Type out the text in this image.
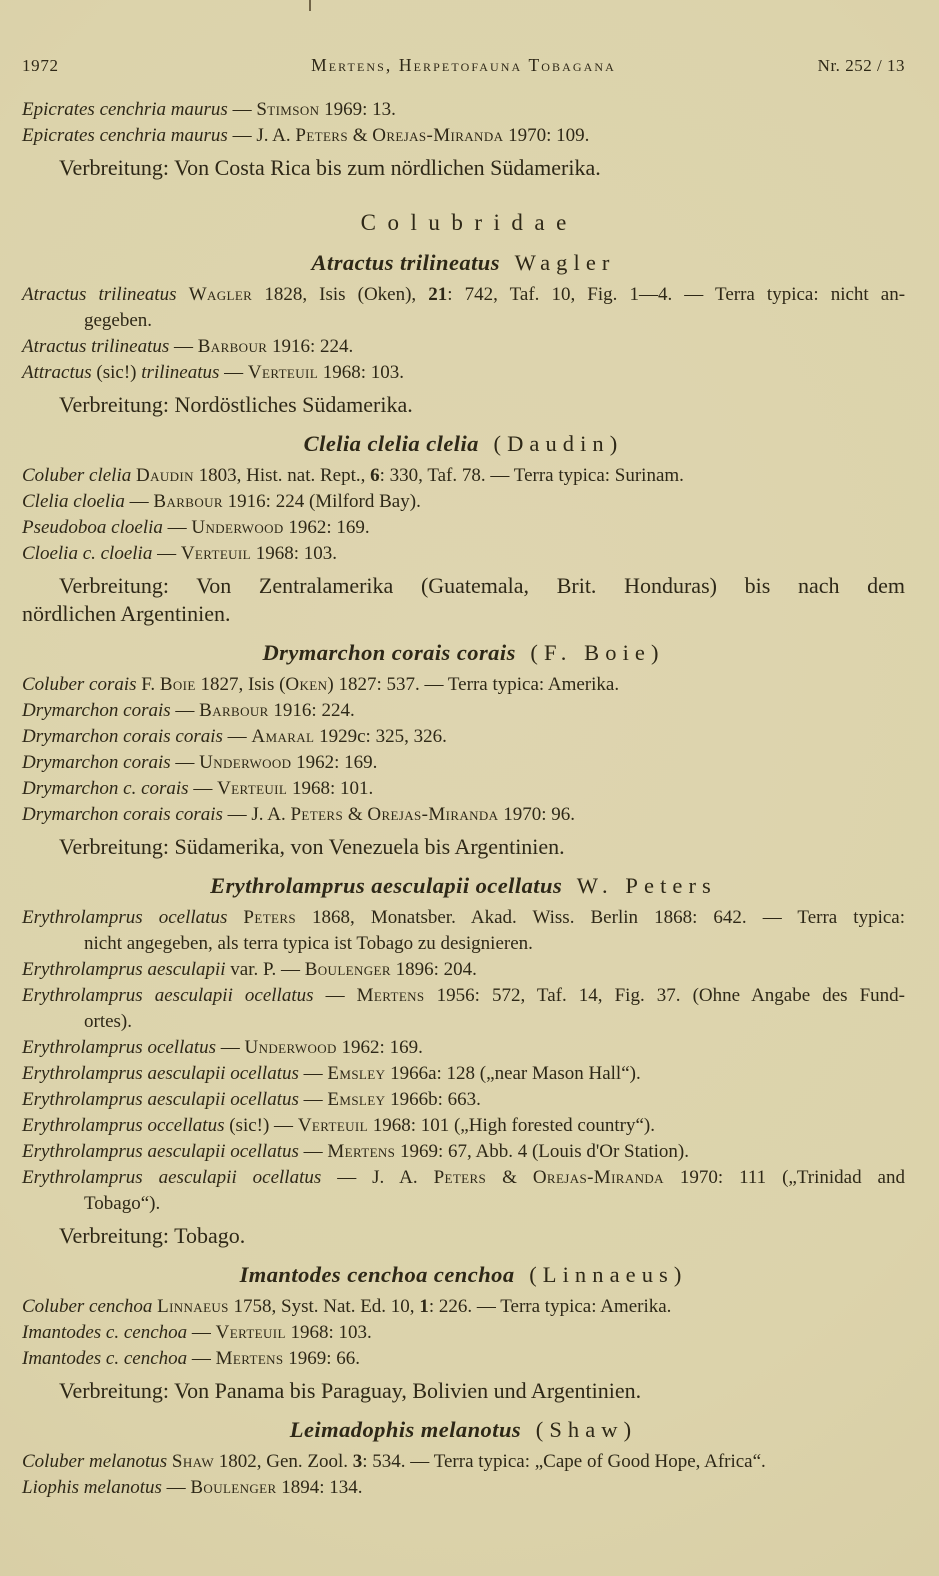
1972	Mertens, Herpetofauna Tobagana	Nr. 252 / 13
Epicrates cenchria maurus — Stimson 1969: 13.
Epicrates cenchria maurus — J. A. Peters & Orejas-Miranda 1970: 109.
Verbreitung: Von Costa Rica bis zum nördlichen Südamerika.
Colubridae
Atractus trilineatus Wagler
Atractus trilineatus Wagler 1828, Isis (Oken), 21: 742, Taf. 10, Fig. 1—4. — Terra typica: nicht an-
gegeben.
Atractus trilineatus — Barbour 1916: 224.
Attractus (sic!) trilineatus — Verteuil 1968: 103.
Verbreitung: Nordöstliches Südamerika.
Clelia clelia clelia (Daudin)
Coluber clelia Daudin 1803, Hist. nat. Rept., 6: 330, Taf. 78. — Terra typica: Surinam.
Clelia cloelia — Barbour 1916: 224 (Milford Bay).
Pseudoboa cloelia — Underwood 1962: 169.
Cloelia c. cloelia — Verteuil 1968: 103.
Verbreitung: Von Zentralamerika (Guatemala, Brit. Honduras) bis nach dem
nördlichen Argentinien.
Drymarchon corais corais (F. Boie)
Coluber corais F. Boie 1827, Isis (Oken) 1827: 537. — Terra typica: Amerika.
Drymarchon corais — Barbour 1916: 224.
Drymarchon corais corais — Amaral 1929c: 325, 326.
Drymarchon corais — Underwood 1962: 169.
Drymarchon c. corais — Verteuil 1968: 101.
Drymarchon corais corais — J. A. Peters & Orejas-Miranda 1970: 96.
Verbreitung: Südamerika, von Venezuela bis Argentinien.
Erythrolamprus aesculapii ocellatus W. Peters
Erythrolamprus ocellatus Peters 1868, Monatsber. Akad. Wiss. Berlin 1868: 642. — Terra typica:
nicht angegeben, als terra typica ist Tobago zu designieren.
Erythrolamprus aesculapii var. P. — Boulenger 1896: 204.
Erythrolamprus aesculapii ocellatus — Mertens 1956: 572, Taf. 14, Fig. 37. (Ohne Angabe des Fund-
ortes).
Erythrolamprus ocellatus — Underwood 1962: 169.
Erythrolamprus aesculapii ocellatus — Emsley 1966a: 128 („near Mason Hall“).
Erythrolamprus aesculapii ocellatus — Emsley 1966b: 663.
Erythrolamprus occellatus (sic!) — Verteuil 1968: 101 („High forested country“).
Erythrolamprus aesculapii ocellatus — Mertens 1969: 67, Abb. 4 (Louis d'Or Station).
Erythrolamprus aesculapii ocellatus — J. A. Peters & Orejas-Miranda 1970: 111 („Trinidad and
Tobago“).
Verbreitung: Tobago.
Imantodes cenchoa cenchoa (Linnaeus)
Coluber cenchoa Linnaeus 1758, Syst. Nat. Ed. 10, 1: 226. — Terra typica: Amerika.
Imantodes c. cenchoa — Verteuil 1968: 103.
Imantodes c. cenchoa — Mertens 1969: 66.
Verbreitung: Von Panama bis Paraguay, Bolivien und Argentinien.
Leimadophis melanotus (Shaw)
Coluber melanotus Shaw 1802, Gen. Zool. 3: 534. — Terra typica: „Cape of Good Hope, Africa“.
Liophis melanotus — Boulenger 1894: 134.
